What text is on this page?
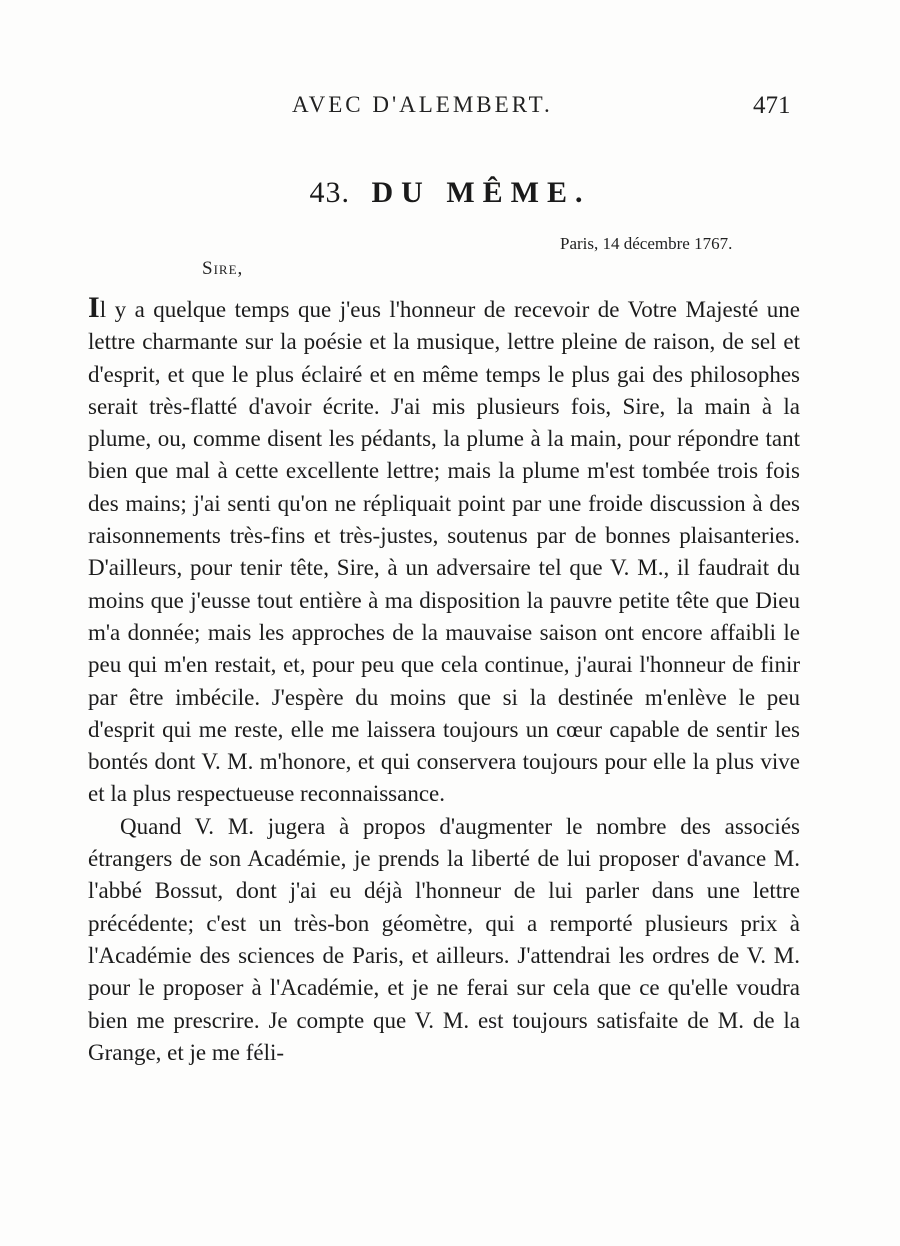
AVEC D'ALEMBERT.	471
43. DU MÊME.
Paris, 14 décembre 1767.
Sire,

Il y a quelque temps que j'eus l'honneur de recevoir de Votre Majesté une lettre charmante sur la poésie et la musique, lettre pleine de raison, de sel et d'esprit, et que le plus éclairé et en même temps le plus gai des philosophes serait très-flatté d'avoir écrite. J'ai mis plusieurs fois, Sire, la main à la plume, ou, comme disent les pédants, la plume à la main, pour répondre tant bien que mal à cette excellente lettre; mais la plume m'est tombée trois fois des mains; j'ai senti qu'on ne répliquait point par une froide discussion à des raisonnements très-fins et très-justes, soutenus par de bonnes plaisanteries. D'ailleurs, pour tenir tête, Sire, à un adversaire tel que V. M., il faudrait du moins que j'eusse tout entière à ma disposition la pauvre petite tête que Dieu m'a donnée; mais les approches de la mauvaise saison ont encore affaibli le peu qui m'en restait, et, pour peu que cela continue, j'aurai l'honneur de finir par être imbécile. J'espère du moins que si la destinée m'enlève le peu d'esprit qui me reste, elle me laissera toujours un cœur capable de sentir les bontés dont V. M. m'honore, et qui conservera toujours pour elle la plus vive et la plus respectueuse reconnaissance.

Quand V. M. jugera à propos d'augmenter le nombre des associés étrangers de son Académie, je prends la liberté de lui proposer d'avance M. l'abbé Bossut, dont j'ai eu déjà l'honneur de lui parler dans une lettre précédente; c'est un très-bon géomètre, qui a remporté plusieurs prix à l'Académie des sciences de Paris, et ailleurs. J'attendrai les ordres de V. M. pour le proposer à l'Académie, et je ne ferai sur cela que ce qu'elle voudra bien me prescrire. Je compte que V. M. est toujours satisfaite de M. de la Grange, et je me féli-
